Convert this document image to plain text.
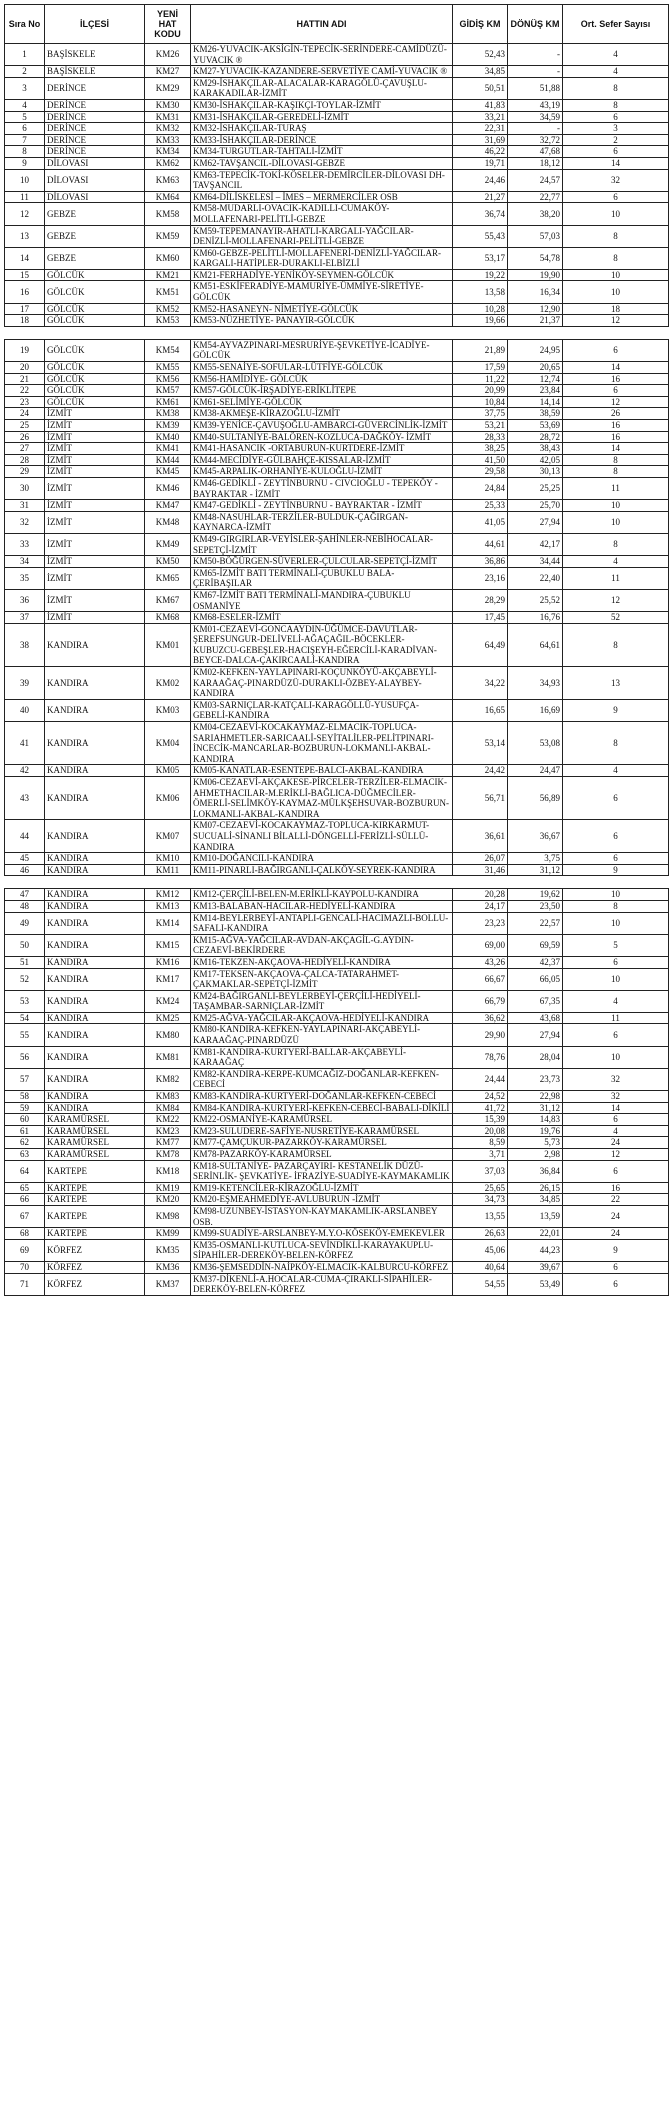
Sıra No	İLÇESİ	YENİ HAT KODU	HATTIN ADI	GİDİŞ KM	DÖNÜŞ KM	Ort. Sefer Sayısı
1	BAŞİSKELE	KM26	KM26-YUVACIK-AKSİGİN-TEPECİK-SERİNDERE-CAMİDÜZÜ-YUVACIK ®	52,43	-	4
2	BAŞİSKELE	KM27	KM27-YUVACIK-KAZANDERE-SERVETİYE CAMİ-YUVACIK ®	34,85	-	4
3	DERİNCE	KM29	KM29-İSHAKÇILAR-ALACALAR-KARAGÖLÜ-ÇAVUŞLU-KARAKADILAR-İZMİT	50,51	51,88	8
4	DERİNCE	KM30	KM30-İSHAKÇILAR-KAŞIKÇI-TOYLAR-İZMİT	41,83	43,19	8
5	DERİNCE	KM31	KM31-İSHAKÇILAR-GEREDELİ-İZMİT	33,21	34,59	6
6	DERİNCE	KM32	KM32-İSHAKÇILAR-TURAŞ	22,31	-	3
7	DERİNCE	KM33	KM33-İSHAKÇILAR-DERİNCE	31,69	32,72	2
8	DERİNCE	KM34	KM34-TURGUTLAR-TAHTALI-İZMİT	46,22	47,68	6
9	DİLOVASI	KM62	KM62-TAVŞANCIL-DİLOVASI-GEBZE	19,71	18,12	14
10	DİLOVASI	KM63	KM63-TEPECİK-TOKİ-KÖSELER-DEMİRCİLER-DİLOVASI DH-TAVŞANCIL	24,46	24,57	32
11	DİLOVASI	KM64	KM64-DİLİSKELESİ – İMES – MERMERCİLER OSB	21,27	22,77	6
12	GEBZE	KM58	KM58-MUDARLI-OVACIK-KADILLI-CUMAKÖY-MOLLAFENARI-PELİTLİ-GEBZE	36,74	38,20	10
13	GEBZE	KM59	KM59-TEPEMANAYIR-AHATLI-KARGALI-YAĞCILAR-DENİZLİ-MOLLAFENARI-PELİTLİ-GEBZE	55,43	57,03	8
14	GEBZE	KM60	KM60-GEBZE-PELİTLİ-MOLLAFENERİ-DENİZLİ-YAĞCILAR-KARGALI-HATİPLER-DURAKLI-ELBİZLİ	53,17	54,78	8
15	GÖLCÜK	KM21	KM21-FERHADİYE-YENİKÖY-SEYMEN-GÖLCÜK	19,22	19,90	10
16	GÖLCÜK	KM51	KM51-ESKİFERADİYE-MAMURİYE-ÜMMİYE-SİRETİYE-GÖLCÜK	13,58	16,34	10
17	GÖLCÜK	KM52	KM52-HASANEYN- NİMETİYE-GÖLCÜK	10,28	12,90	18
18	GÖLCÜK	KM53	KM53-NÜZHETİYE- PANAYIR-GÖLCÜK	19,66	21,37	12
19	GÖLCÜK	KM54	KM54-AYVAZPINARI-MESRURİYE-ŞEVKETİYE-İCADİYE- GÖLCÜK	21,89	24,95	6
20	GÖLCÜK	KM55	KM55-SENAİYE-SOFULAR-LÜTFİYE-GÖLCÜK	17,59	20,65	14
21	GÖLCÜK	KM56	KM56-HAMİDİYE- GÖLCÜK	11,22	12,74	16
22	GÖLCÜK	KM57	KM57-GÖLCÜK-İRŞADİYE-ERİKLİTEPE	20,99	23,84	6
23	GÖLCÜK	KM61	KM61-SELİMİYE-GÖLCÜK	10,84	14,14	12
24	İZMİT	KM38	KM38-AKMEŞE-KİRAZOĞLU-İZMİT	37,75	38,59	26
25	İZMİT	KM39	KM39-YENİCE-ÇAVUŞOĞLU-AMBARCI-GÜVERCİNLİK-İZMİT	53,21	53,69	16
26	İZMİT	KM40	KM40-SULTANİYE-BALÖREN-KOZLUCA-DAĞKÖY- İZMİT	28,33	28,72	16
27	İZMİT	KM41	KM41-HASANCIK -ORTABURUN-KURTDERE-İZMİT	38,25	38,43	14
28	İZMİT	KM44	KM44-MECİDİYE-GÜLBAHÇE-KISSALAR-İZMİT	41,50	42,05	8
29	İZMİT	KM45	KM45-ARPALIK-ORHANİYE-KULOĞLU-İZMİT	29,58	30,13	8
30	İZMİT	KM46	KM46-GEDİKLİ - ZEYTİNBURNU - CIVCIOĞLU - TEPEKÖY - BAYRAKTAR - İZMİT	24,84	25,25	11
31	İZMİT	KM47	KM47-GEDİKLİ - ZEYTİNBURNU - BAYRAKTAR - İZMİT	25,33	25,70	10
32	İZMİT	KM48	KM48-NASUHLAR-TERZİLER-BULDUK-ÇAĞIRGAN-KAYNARCA-İZMİT	41,05	27,94	10
33	İZMİT	KM49	KM49-GIRGIRLAR-VEYİSLER-ŞAHİNLER-NEBİHOCALAR-SEPETÇİ-İZMİT	44,61	42,17	8
34	İZMİT	KM50	KM50-BÖĞÜRGEN-SÜVERLER-ÇULCULAR-SEPETÇİ-İZMİT	36,86	34,44	4
35	İZMİT	KM65	KM65-İZMİT BATI TERMİNALİ-ÇUBUKLU BALA-ÇERİBAŞILAR	23,16	22,40	11
36	İZMİT	KM67	KM67-İZMİT BATI TERMİNALİ-MANDIRA-ÇUBUKLU OSMANİYE	28,29	25,52	12
37	İZMİT	KM68	KM68-ESELER-İZMİT	17,45	16,76	52
38	KANDIRA	KM01	KM01-CEZAEVİ-GONCAAYDIN-ÜĞÜMCE-DAVUTLAR-ŞEREFSUNGUR-DELİVELİ-AĞAÇAĞIL-BÖCEKLER-KUBUZCU-GEBEŞLER-HACIŞEYH-EĞERCİLİ-KARADİVAN-BEYCE-DALCA-ÇAKIRCAALİ-KANDIRA	64,49	64,61	8
39	KANDIRA	KM02	KM02-KEFKEN-YAYLAPINARI-KOÇUNKÖYÜ-AKÇABEYLİ-KARAAĞAÇ-PINARDÜZÜ-DURAKLI-ÖZBEY-ALAYBEY-KANDIRA	34,22	34,93	13
40	KANDIRA	KM03	KM03-SARNIÇLAR-KATÇALI-KARAGÖLLÜ-YUSUFÇA-GEBELİ-KANDIRA	16,65	16,69	9
41	KANDIRA	KM04	KM04-CEZAEVİ-KOCAKAYMAZ-ELMACIK-TOPLUCA-SARIAHMETLER-SARICAALİ-SEYİTALİLER-PELİTPINARI-İNCECİK-MANCARLAR-BOZBURUN-LOKMANLI-AKBAL-KANDIRA	53,14	53,08	8
42	KANDIRA	KM05	KM05-KANATLAR-ESENTEPE-BALCI-AKBAL-KANDIRA	24,42	24,47	4
43	KANDIRA	KM06	KM06-CEZAEVİ-AKÇAKESE-PİRCELER-TERZİLER-ELMACIK-AHMETHACILAR-M.ERİKLİ-BAĞLICA-DÜĞMECİLER-ÖMERLİ-SELİMKÖY-KAYMAZ-MÜLKŞEHSUVAR-BOZBURUN-LOKMANLI-AKBAL-KANDIRA	56,71	56,89	6
44	KANDIRA	KM07	KM07-CEZAEVİ-KOCAKAYMAZ-TOPLUCA-KIRKARMUT-SUCUALİ-SİNANLI BİLALLİ-DÖNGELLİ-FERİZLİ-SÜLLÜ-KANDIRA	36,61	36,67	6
45	KANDIRA	KM10	KM10-DOĞANCILI-KANDIRA	26,07	3,75	6
46	KANDIRA	KM11	KM11-PINARLI-BAĞIRGANLI-ÇALKÖY-SEYREK-KANDIRA	31,46	31,12	9
47	KANDIRA	KM12	KM12-ÇERÇİLİ-BELEN-M.ERİKLİ-KAYPOLU-KANDIRA	20,28	19,62	10
48	KANDIRA	KM13	KM13-BALABAN-HACILAR-HEDİYELİ-KANDIRA	24,17	23,50	8
49	KANDIRA	KM14	KM14-BEYLERBEYİ-ANTAPLI-GENCALİ-HACIMAZLI-BOLLU-SAFALI-KANDIRA	23,23	22,57	10
50	KANDIRA	KM15	KM15-AĞVA-YAĞCILAR-AVDAN-AKÇAGİL-G.AYDIN-CEZAEVİ-BEKİRDERE	69,00	69,59	5
51	KANDIRA	KM16	KM16-TEKZEN-AKÇAOVA-HEDİYELİ-KANDIRA	43,26	42,37	6
52	KANDIRA	KM17	KM17-TEKSEN-AKÇAOVA-ÇALCA-TATARAHMET-ÇAKMAKLAR-SEPETÇİ-İZMİT	66,67	66,05	10
53	KANDIRA	KM24	KM24-BAĞIRGANLI-BEYLERBEYİ-ÇERÇİLİ-HEDİYELİ-TAŞAMBAR-SARNIÇLAR-İZMİT	66,79	67,35	4
54	KANDIRA	KM25	KM25-AĞVA-YAĞCILAR-AKÇAOVA-HEDİYELİ-KANDIRA	36,62	43,68	11
55	KANDIRA	KM80	KM80-KANDIRA-KEFKEN-YAYLAPINARI-AKÇABEYLİ-KARAAĞAÇ-PINARDÜZÜ	29,90	27,94	6
56	KANDIRA	KM81	KM81-KANDIRA-KURTYERİ-BALLAR-AKÇABEYLİ-KARAAĞAÇ	78,76	28,04	10
57	KANDIRA	KM82	KM82-KANDIRA-KERPE-KUMCAĞIZ-DOĞANLAR-KEFKEN-CEBECİ	24,44	23,73	32
58	KANDIRA	KM83	KM83-KANDIRA-KURTYERİ-DOĞANLAR-KEFKEN-CEBECİ	24,52	22,98	32
59	KANDIRA	KM84	KM84-KANDIRA-KURTYERİ-KEFKEN-CEBECİ-BABALI-DİKİLİ	41,72	31,12	14
60	KARAMÜRSEL	KM22	KM22-OSMANİYE-KARAMÜRSEL	15,39	14,83	6
61	KARAMÜRSEL	KM23	KM23-SULUDERE-SAFİYE-NUSRETİYE-KARAMÜRSEL	20,08	19,76	4
62	KARAMÜRSEL	KM77	KM77-ÇAMÇUKUR-PAZARKÖY-KARAMÜRSEL	8,59	5,73	24
63	KARAMÜRSEL	KM78	KM78-PAZARKÖY-KARAMÜRSEL	3,71	2,98	12
64	KARTEPE	KM18	KM18-SULTANİYE- PAZARÇAYIRI- KESTANELİK DÜZÜ- SERİNLİK- ŞEVKATİYE- İFRAZİYE-SUADİYE-KAYMAKAMLIK	37,03	36,84	6
65	KARTEPE	KM19	KM19-KETENCİLER-KİRAZOĞLU-İZMİT	25,65	26,15	16
66	KARTEPE	KM20	KM20-EŞMEAHMEDİYE-AVLUBURUN -İZMİT	34,73	34,85	22
67	KARTEPE	KM98	KM98-UZUNBEY-İSTASYON-KAYMAKAMLIK-ARSLANBEY OSB.	13,55	13,59	24
68	KARTEPE	KM99	KM99-SUADİYE-ARSLANBEY-M.Y.O-KÖSEKÖY-EMEKEVLER	26,63	22,01	24
69	KÖRFEZ	KM35	KM35-OSMANLI-KUTLUCA-SEVİNDİKLİ-KARAYAKUPLU-SİPAHİLER-DEREKÖY-BELEN-KÖRFEZ	45,06	44,23	9
70	KÖRFEZ	KM36	KM36-ŞEMSEDDİN-NAİPKÖY-ELMACIK-KALBURCU-KÖRFEZ	40,64	39,67	6
71	KÖRFEZ	KM37	KM37-DİKENLİ-A.HOCALAR-CUMA-ÇIRAKLI-SİPAHİLER-DEREKÖY-BELEN-KÖRFEZ	54,55	53,49	6
